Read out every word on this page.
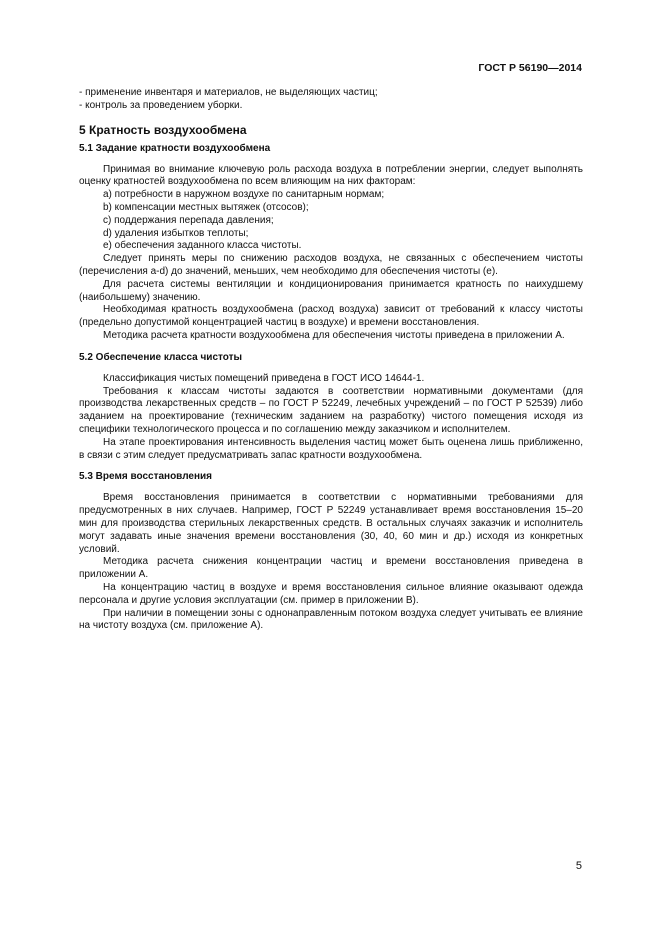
ГОСТ Р 56190—2014

- применение инвентаря и материалов, не выделяющих частиц;

- контроль за проведением уборки.

5 Кратность воздухообмена
5.1 Задание кратности воздухообмена

Принимая во внимание ключевую роль расхода воздуха в потреблении энергии, следует выполнять оценку кратностей воздухообмена по всем влияющим на них факторам:

a) потребности в наружном воздухе по санитарным нормам;

b) компенсации местных вытяжек (отсосов);

c) поддержания перепада давления;

d) удаления избытков теплоты;

e) обеспечения заданного класса чистоты.

Следует принять меры по снижению расходов воздуха, не связанных с обеспечением чистоты (перечисления a-d) до значений, меньших, чем необходимо для обеспечения чистоты (e).

Для расчета системы вентиляции и кондиционирования принимается кратность по наихудшему (наибольшему) значению.

Необходимая кратность воздухообмена (расход воздуха) зависит от требований к классу чистоты (предельно допустимой концентрацией частиц в воздухе) и времени восстановления.

Методика расчета кратности воздухообмена для обеспечения чистоты приведена в приложении A.

5.2 Обеспечение класса чистоты

Классификация чистых помещений приведена в ГОСТ ИСО 14644-1.

Требования к классам чистоты задаются в соответствии нормативными документами (для производства лекарственных средств – по ГОСТ Р 52249, лечебных учреждений – по ГОСТ Р 52539) либо заданием на проектирование (техническим заданием на разработку) чистого помещения исходя из специфики технологического процесса и по соглашению между заказчиком и исполнителем.

На этапе проектирования интенсивность выделения частиц может быть оценена лишь приближенно, в связи с этим следует предусматривать запас кратности воздухообмена.

5.3 Время восстановления

Время восстановления принимается в соответствии с нормативными требованиями для предусмотренных в них случаев. Например, ГОСТ Р 52249 устанавливает время восстановления 15–20 мин для производства стерильных лекарственных средств. В остальных случаях заказчик и исполнитель могут задавать иные значения времени восстановления (30, 40, 60 мин и др.) исходя из конкретных условий.

Методика расчета снижения концентрации частиц и времени восстановления приведена в приложении A.

На концентрацию частиц в воздухе и время восстановления сильное влияние оказывают одежда персонала и другие условия эксплуатации (см. пример в приложении B).

При наличии в помещении зоны с однонаправленным потоком воздуха следует учитывать ее влияние на чистоту воздуха (см. приложение A).

5
